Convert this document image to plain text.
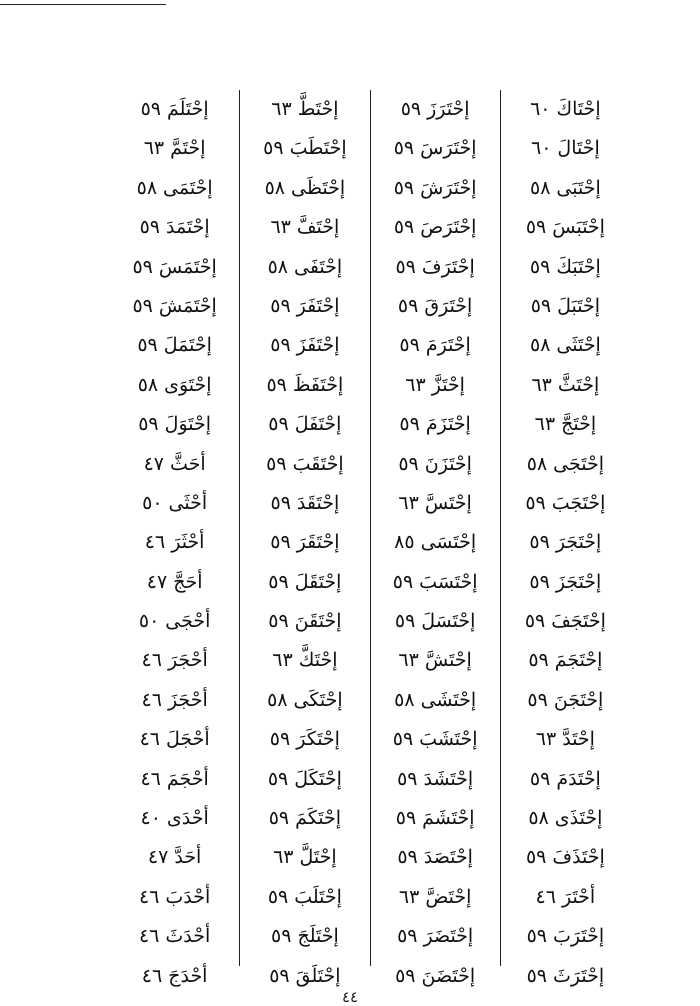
إحْتَاكَ٦٠
إحْتَالَ٦٠
إحْتَبَى٥٨
إحْتَبَسَ٥٩
إحْتَبَكَ٥٩
إحْتَبَلَ٥٩
إحْتَثَى٥٨
إحْتَثَّ٦٣
إحْتَجَّ٦٣
إحْتَجَى٥٨
إحْتَجَبَ٥٩
إحْتَجَرَ٥٩
إحْتَجَزَ٥٩
إحْتَجَفَ٥٩
إحْتَجَمَ٥٩
إحْتَجَنَ٥٩
إحْتَدَّ٦٣
إحْتَدَمَ٥٩
إحْتَذَى٥٨
إحْتَذَفَ٥٩
أحْتَرَ٤٦
إحْتَرَبَ٥٩
إحْتَرَثَ٥٩
إحْتَرَزَ٥٩
إحْتَرَسَ٥٩
إحْتَرَشَ٥٩
إحْتَرَصَ٥٩
إحْتَرَفَ٥٩
إحْتَرَقَ٥٩
إحْتَرَمَ٥٩
إحْتَزَّ٦٣
إحْتَزَمَ٥٩
إحْتَزَنَ٥٩
إحْتَسَّ٦٣
إحْتَسَى٨٥
إحْتَسَبَ٥٩
إحْتَسَلَ٥٩
إحْتَشَّ٦٣
إحْتَشَى٥٨
إحْتَشَبَ٥٩
إحْتَشَدَ٥٩
إحْتَشَمَ٥٩
إحْتَصَدَ٥٩
إحْتَضَّ٦٣
إحْتَضَرَ٥٩
إحْتَضَنَ٥٩
إحْتَطَّ٦٣
إحْتَطَبَ٥٩
إحْتَظَى٥٨
إحْتَفَّ٦٣
إحْتَفَى٥٨
إحْتَفَرَ٥٩
إحْتَفَزَ٥٩
إحْتَفَظَ٥٩
إحْتَفَلَ٥٩
إحْتَقَبَ٥٩
إحْتَقَدَ٥٩
إحْتَقَرَ٥٩
إحْتَقَلَ٥٩
إحْتَقَنَ٥٩
إحْتَكَّ٦٣
إحْتَكَى٥٨
إحْتَكَرَ٥٩
إحْتَكَلَ٥٩
إحْتَكَمَ٥٩
إحْتَلَّ٦٣
إحْتَلَبَ٥٩
إحْتَلَجَ٥٩
إحْتَلَقَ٥٩
إحْتَلَمَ٥٩
إحْتَمَّ٦٣
إحْتَمَى٥٨
إحْتَمَدَ٥٩
إحْتَمَسَ٥٩
إحْتَمَشَ٥٩
إحْتَمَلَ٥٩
إحْتَوَى٥٨
إحْتَوَلَ٥٩
أحَثَّ٤٧
أحْثَى٥٠
أحْثَرَ٤٦
أحَجَّ٤٧
أحْجَى٥٠
أحْجَرَ٤٦
أحْجَزَ٤٦
أحْجَلَ٤٦
أحْجَمَ٤٦
أحْدَى٤٠
أحَدَّ٤٧
أحْدَبَ٤٦
أحْدَثَ٤٦
أحْدَجَ٤٦
٤٤
